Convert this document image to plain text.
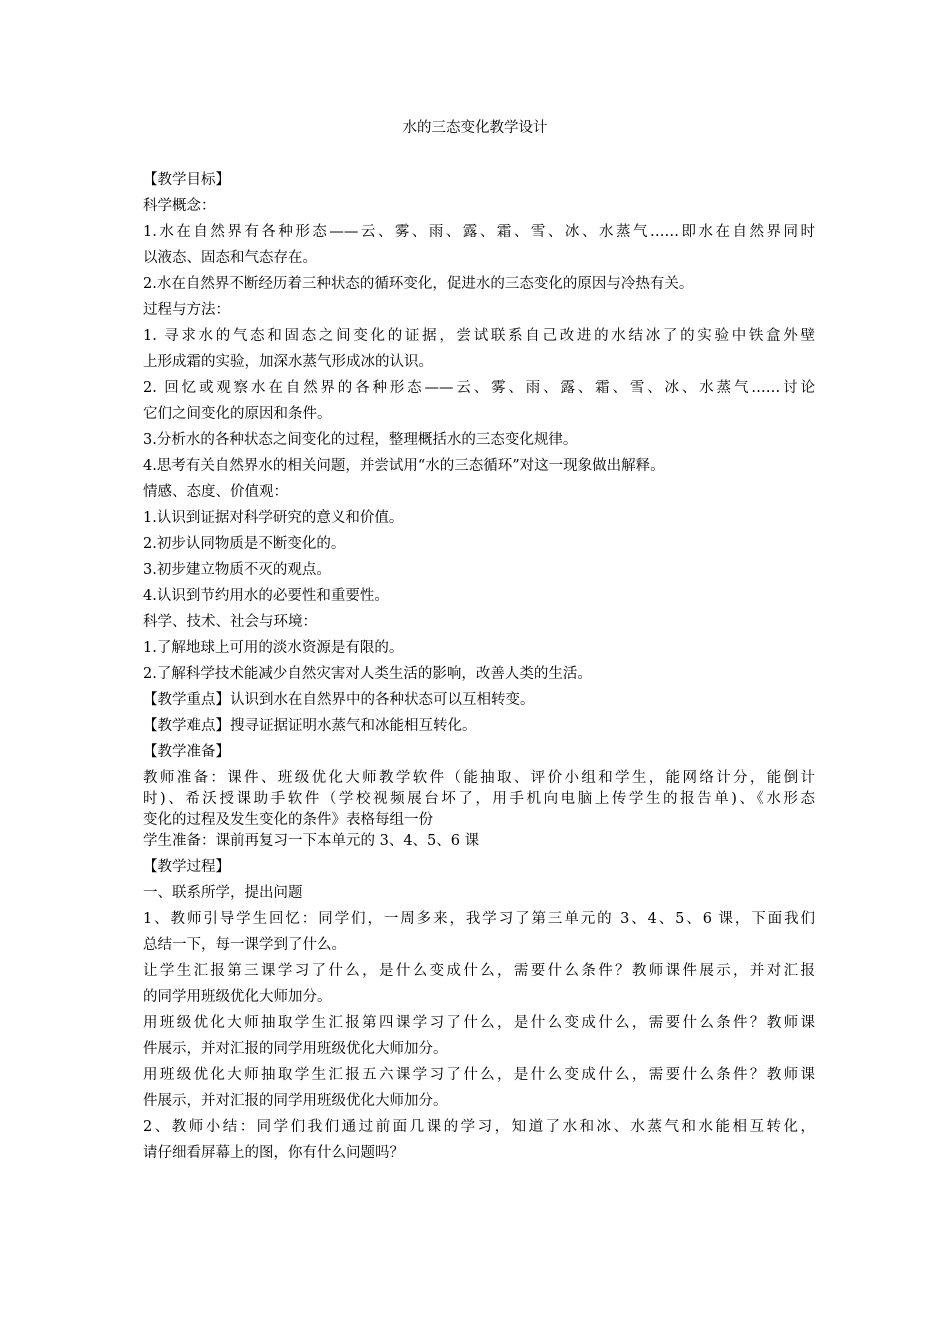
水的三态变化教学设计

【教学目标】

科学概念：

1.水在自然界有各种形态——云、雾、雨、露、霜、雪、冰、水蒸气……即水在自然界同时

以液态、固态和气态存在。

2.水在自然界不断经历着三种状态的循环变化，促进水的三态变化的原因与冷热有关。

过程与方法：

1. 寻求水的气态和固态之间变化的证据，尝试联系自己改进的水结冰了的实验中铁盒外壁

上形成霜的实验，加深水蒸气形成冰的认识。

2. 回忆或观察水在自然界的各种形态——云、雾、雨、露、霜、雪、冰、水蒸气……讨论

它们之间变化的原因和条件。

3.分析水的各种状态之间变化的过程，整理概括水的三态变化规律。

4.思考有关自然界水的相关问题，并尝试用“水的三态循环”对这一现象做出解释。

情感、态度、价值观：

1.认识到证据对科学研究的意义和价值。

2.初步认同物质是不断变化的。

3.初步建立物质不灭的观点。

4.认识到节约用水的必要性和重要性。

科学、技术、社会与环境：

1.了解地球上可用的淡水资源是有限的。

2.了解科学技术能减少自然灾害对人类生活的影响，改善人类的生活。

【教学重点】认识到水在自然界中的各种状态可以互相转变。

【教学难点】搜寻证据证明水蒸气和冰能相互转化。

【教学准备】

教师准备：课件、班级优化大师教学软件（能抽取、评价小组和学生，能网络计分，能倒计

时)、希沃授课助手软件（学校视频展台坏了，用手机向电脑上传学生的报告单)、《水形态

变化的过程及发生变化的条件》表格每组一份

学生准备：课前再复习一下本单元的 3、4、5、6 课

【教学过程】

一、联系所学，提出问题

1、教师引导学生回忆：同学们，一周多来，我学习了第三单元的 3、4、5、6 课，下面我们

总结一下，每一课学到了什么。

让学生汇报第三课学习了什么，是什么变成什么，需要什么条件？教师课件展示，并对汇报

的同学用班级优化大师加分。

用班级优化大师抽取学生汇报第四课学习了什么，是什么变成什么，需要什么条件？教师课

件展示，并对汇报的同学用班级优化大师加分。

用班级优化大师抽取学生汇报五六课学习了什么，是什么变成什么，需要什么条件？教师课

件展示，并对汇报的同学用班级优化大师加分。

2、教师小结：同学们我们通过前面几课的学习，知道了水和冰、水蒸气和水能相互转化，

请仔细看屏幕上的图，你有什么问题吗？
